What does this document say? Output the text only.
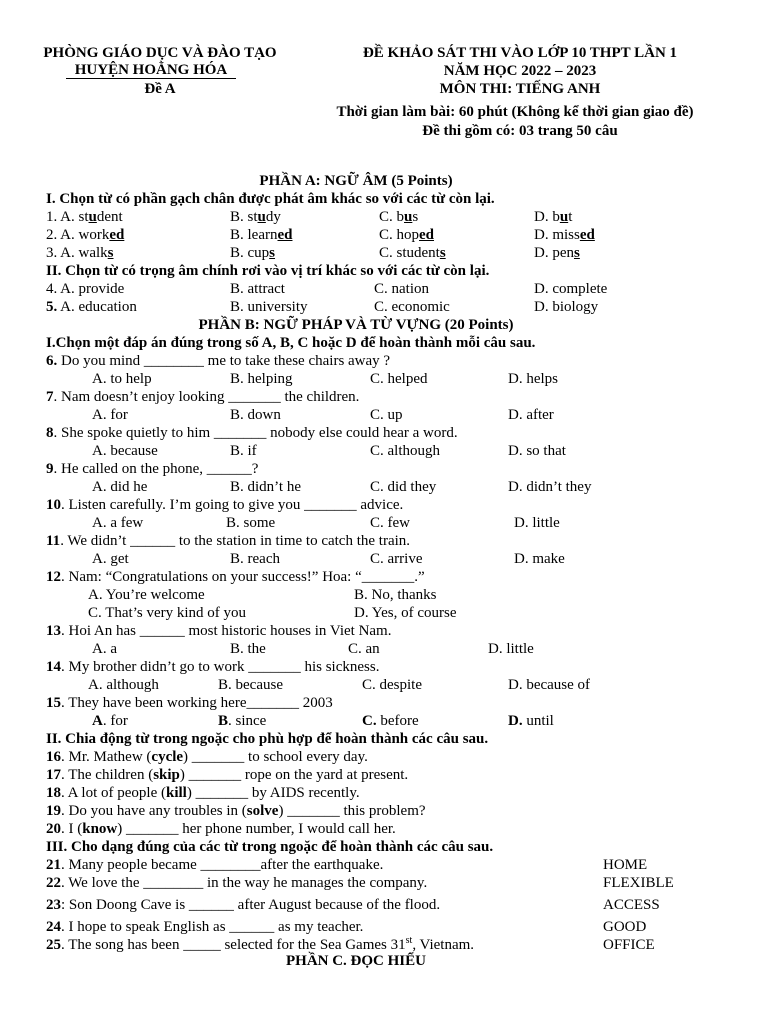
PHÒNG GIÁO DỤC VÀ ĐÀO TẠO
HUYỆN HOẰNG HÓA
Đề A
ĐỀ KHẢO SÁT THI VÀO LỚP 10 THPT LẦN 1
NĂM HỌC 2022 – 2023
MÔN THI: TIẾNG ANH
Thời gian làm bài: 60 phút (Không kể thời gian giao đề)
Đề thi gồm có: 03 trang 50 câu
PHẦN A: NGỮ ÂM (5 Points)
I. Chọn từ có phần gạch chân được phát âm khác so với các từ còn lại.
1. A. student	B. study	C. bus	D. but
2. A. worked	B. learned	C. hoped	D. missed
3. A. walks	B. cups	C. students	D. pens
II. Chọn từ có trọng âm chính rơi vào vị trí khác so với các từ còn lại.
4. A. provide	B. attract	C. nation	D. complete
5. A. education	B. university	C. economic	D. biology
PHẦN B: NGỮ PHÁP VÀ TỪ VỰNG (20 Points)
I.Chọn một đáp án đúng trong số A, B, C hoặc D để hoàn thành mỗi câu sau.
6. Do you mind ________ me to take these chairs away ?
A. to help	B. helping	C. helped	D. helps
7. Nam doesn’t enjoy looking _______ the children.
A. for	B. down	C. up	D. after
8. She spoke quietly to him _______ nobody else could hear a word.
A. because	B. if	C. although	D. so that
9. He called on the phone, ______?
A. did he	B. didn’t he	C. did they	D. didn’t they
10. Listen carefully. I’m going to give you _______ advice.
A. a few	B. some	C. few	D. little
11. We didn’t ______ to the station in time to catch the train.
A. get	B. reach	C. arrive	D. make
12. Nam: “Congratulations on your success!” Hoa: “_______.”
A. You’re welcome	B. No, thanks
C. That’s very kind of you	D. Yes, of course
13. Hoi An has ______ most historic houses in Viet Nam.
A. a	B. the	C. an	D. little
14. My brother didn’t go to work _______ his sickness.
A. although	B. because	C. despite	D. because of
15. They have been working here_______ 2003
A. for	B. since	C. before	D. until
II. Chia động từ trong ngoặc cho phù hợp để hoàn thành các câu sau.
16. Mr. Mathew (cycle) _______ to school every day.
17. The children (skip) _______ rope on the yard at present.
18. A lot of people (kill) _______ by AIDS recently.
19. Do you have any troubles in (solve) _______ this problem?
20. I (know) _______ her phone number, I would call her.
III. Cho dạng đúng của các từ trong ngoặc để hoàn thành các câu sau.
21. Many people became ________after the earthquake.	HOME
22. We love the ________ in the way he manages the company.	FLEXIBLE
23: Son Doong Cave is ______ after August because of the flood.	ACCESS
24. I hope to speak English as ______ as my teacher.	GOOD
25. The song has been _____ selected for the Sea Games 31st, Vietnam.	OFFICE
PHẦN C. ĐỌC HIỂU
